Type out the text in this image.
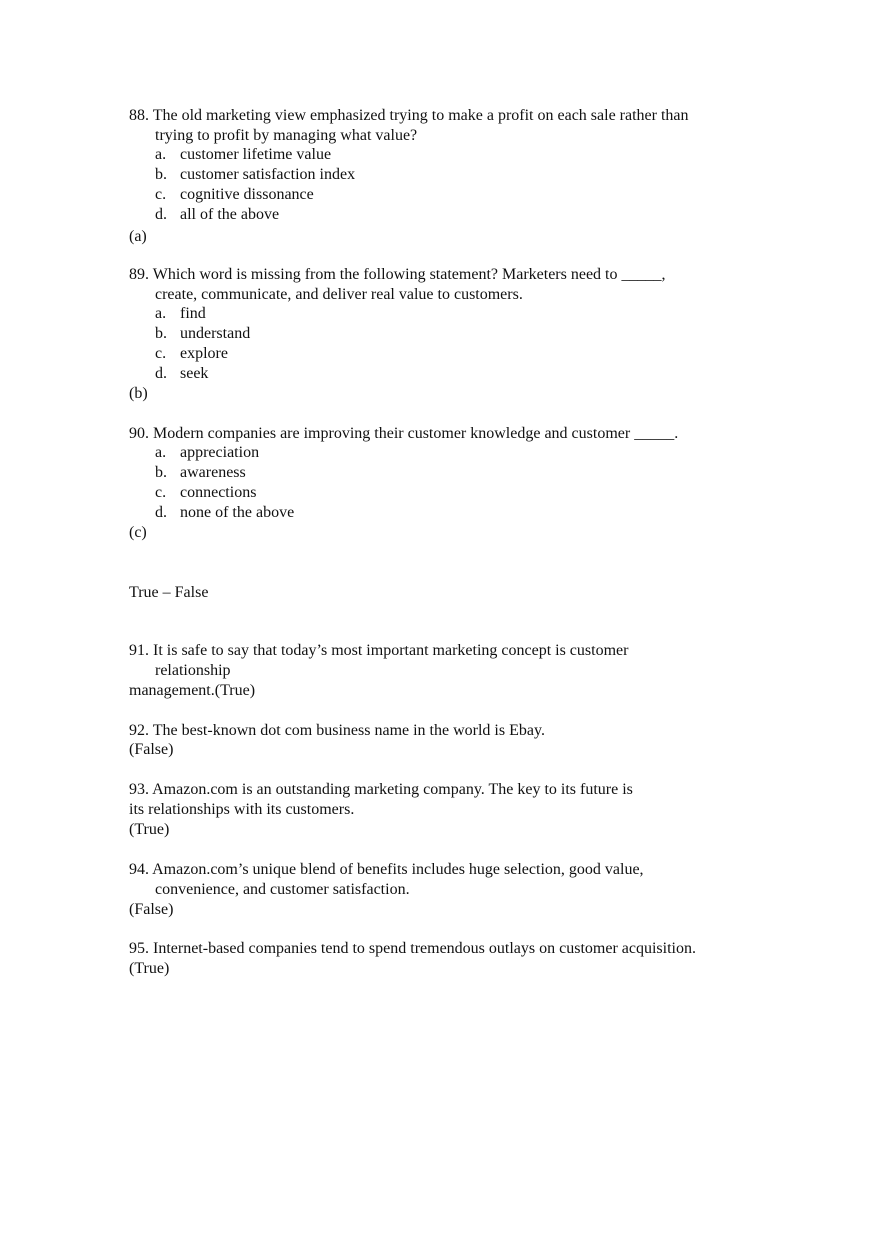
88. The old marketing view emphasized trying to make a profit on each sale rather than
trying to profit by managing what value?
a. customer lifetime value
b. customer satisfaction index
c. cognitive dissonance
d. all of the above
(a)
89. Which word is missing from the following statement? Marketers need to _____,
create, communicate, and deliver real value to customers.
a. find
b. understand
c. explore
d. seek
(b)
90. Modern companies are improving their customer knowledge and customer _____.
a. appreciation
b. awareness
c. connections
d. none of the above
(c)
True – False
91. It is safe to say that today’s most important marketing concept is customer
relationship
management.(True)
92. The best-known dot com business name in the world is Ebay.
(False)
93. Amazon.com is an outstanding marketing company. The key to its future is
its relationships with its customers.
(True)
94. Amazon.com’s unique blend of benefits includes huge selection, good value,
convenience, and customer satisfaction.
(False)
95. Internet-based companies tend to spend tremendous outlays on customer acquisition.
(True)
